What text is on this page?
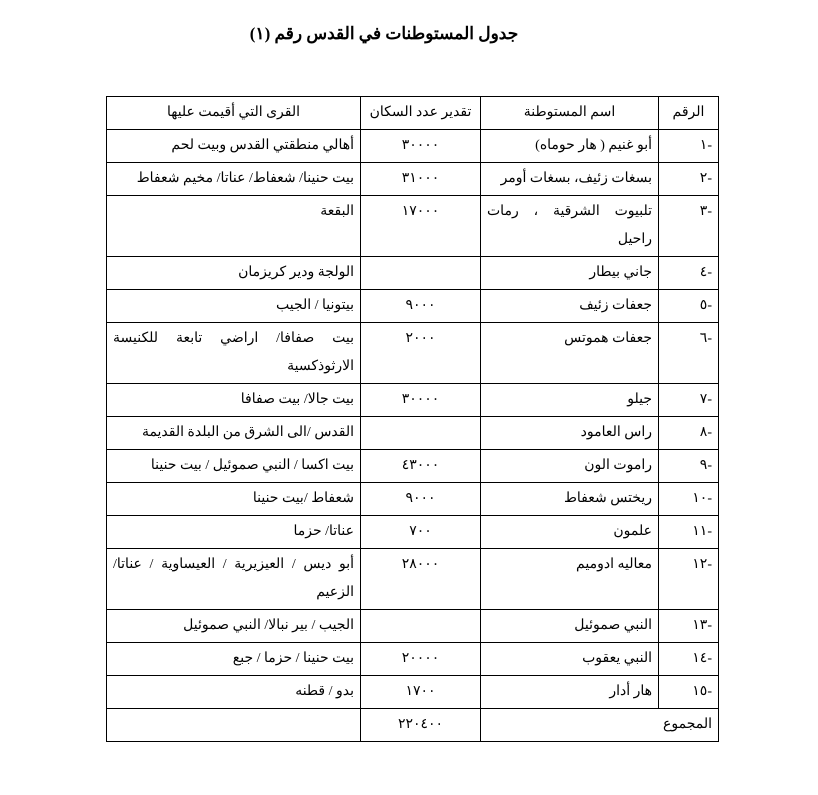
جدول المستوطنات في القدس رقم (١)
الرقم	اسم المستوطنة	تقدير عدد السكان	القرى التي أقيمت عليها
-١	أبو غنيم ( هار حوماه)	٣٠٠٠٠	أهالي منطقتي القدس وبيت لحم
-٢	بسغات زئيف، بسغات أومر	٣١٠٠٠	بيت حنينا/ شعفاط/ عناتا/ مخيم شعفاط
-٣	تلبيوت الشرقية ، رمات راحيل	١٧٠٠٠	البقعة
-٤	جاني بيطار		الولجة ودير كريزمان
-٥	جعفات زئيف	٩٠٠٠	بيتونيا / الجيب
-٦	جعفات هموتس	٢٠٠٠	بيت صفافا/ اراضي تابعة للكنيسة الارثوذكسية
-٧	جيلو	٣٠٠٠٠	بيت جالا/ بيت صفافا
-٨	راس العامود		القدس /الى الشرق من البلدة القديمة
-٩	راموت الون	٤٣٠٠٠	بيت اكسا / النبي صموئيل / بيت حنينا
-١٠	ريختس شعفاط	٩٠٠٠	شعفاط /بيت حنينا
-١١	علمون	٧٠٠	عناتا/ حزما
-١٢	معاليه ادوميم	٢٨٠٠٠	أبو ديس / العيزيرية / العيساوية / عناتا/ الزعيم
-١٣	النبي صموئيل		الجيب / بير نبالا/ النبي صموئيل
-١٤	النبي يعقوب	٢٠٠٠٠	بيت حنينا / حزما / جبع
-١٥	هار أدار	١٧٠٠	بدو / قطنه
المجموع		٢٢٠٤٠٠	
